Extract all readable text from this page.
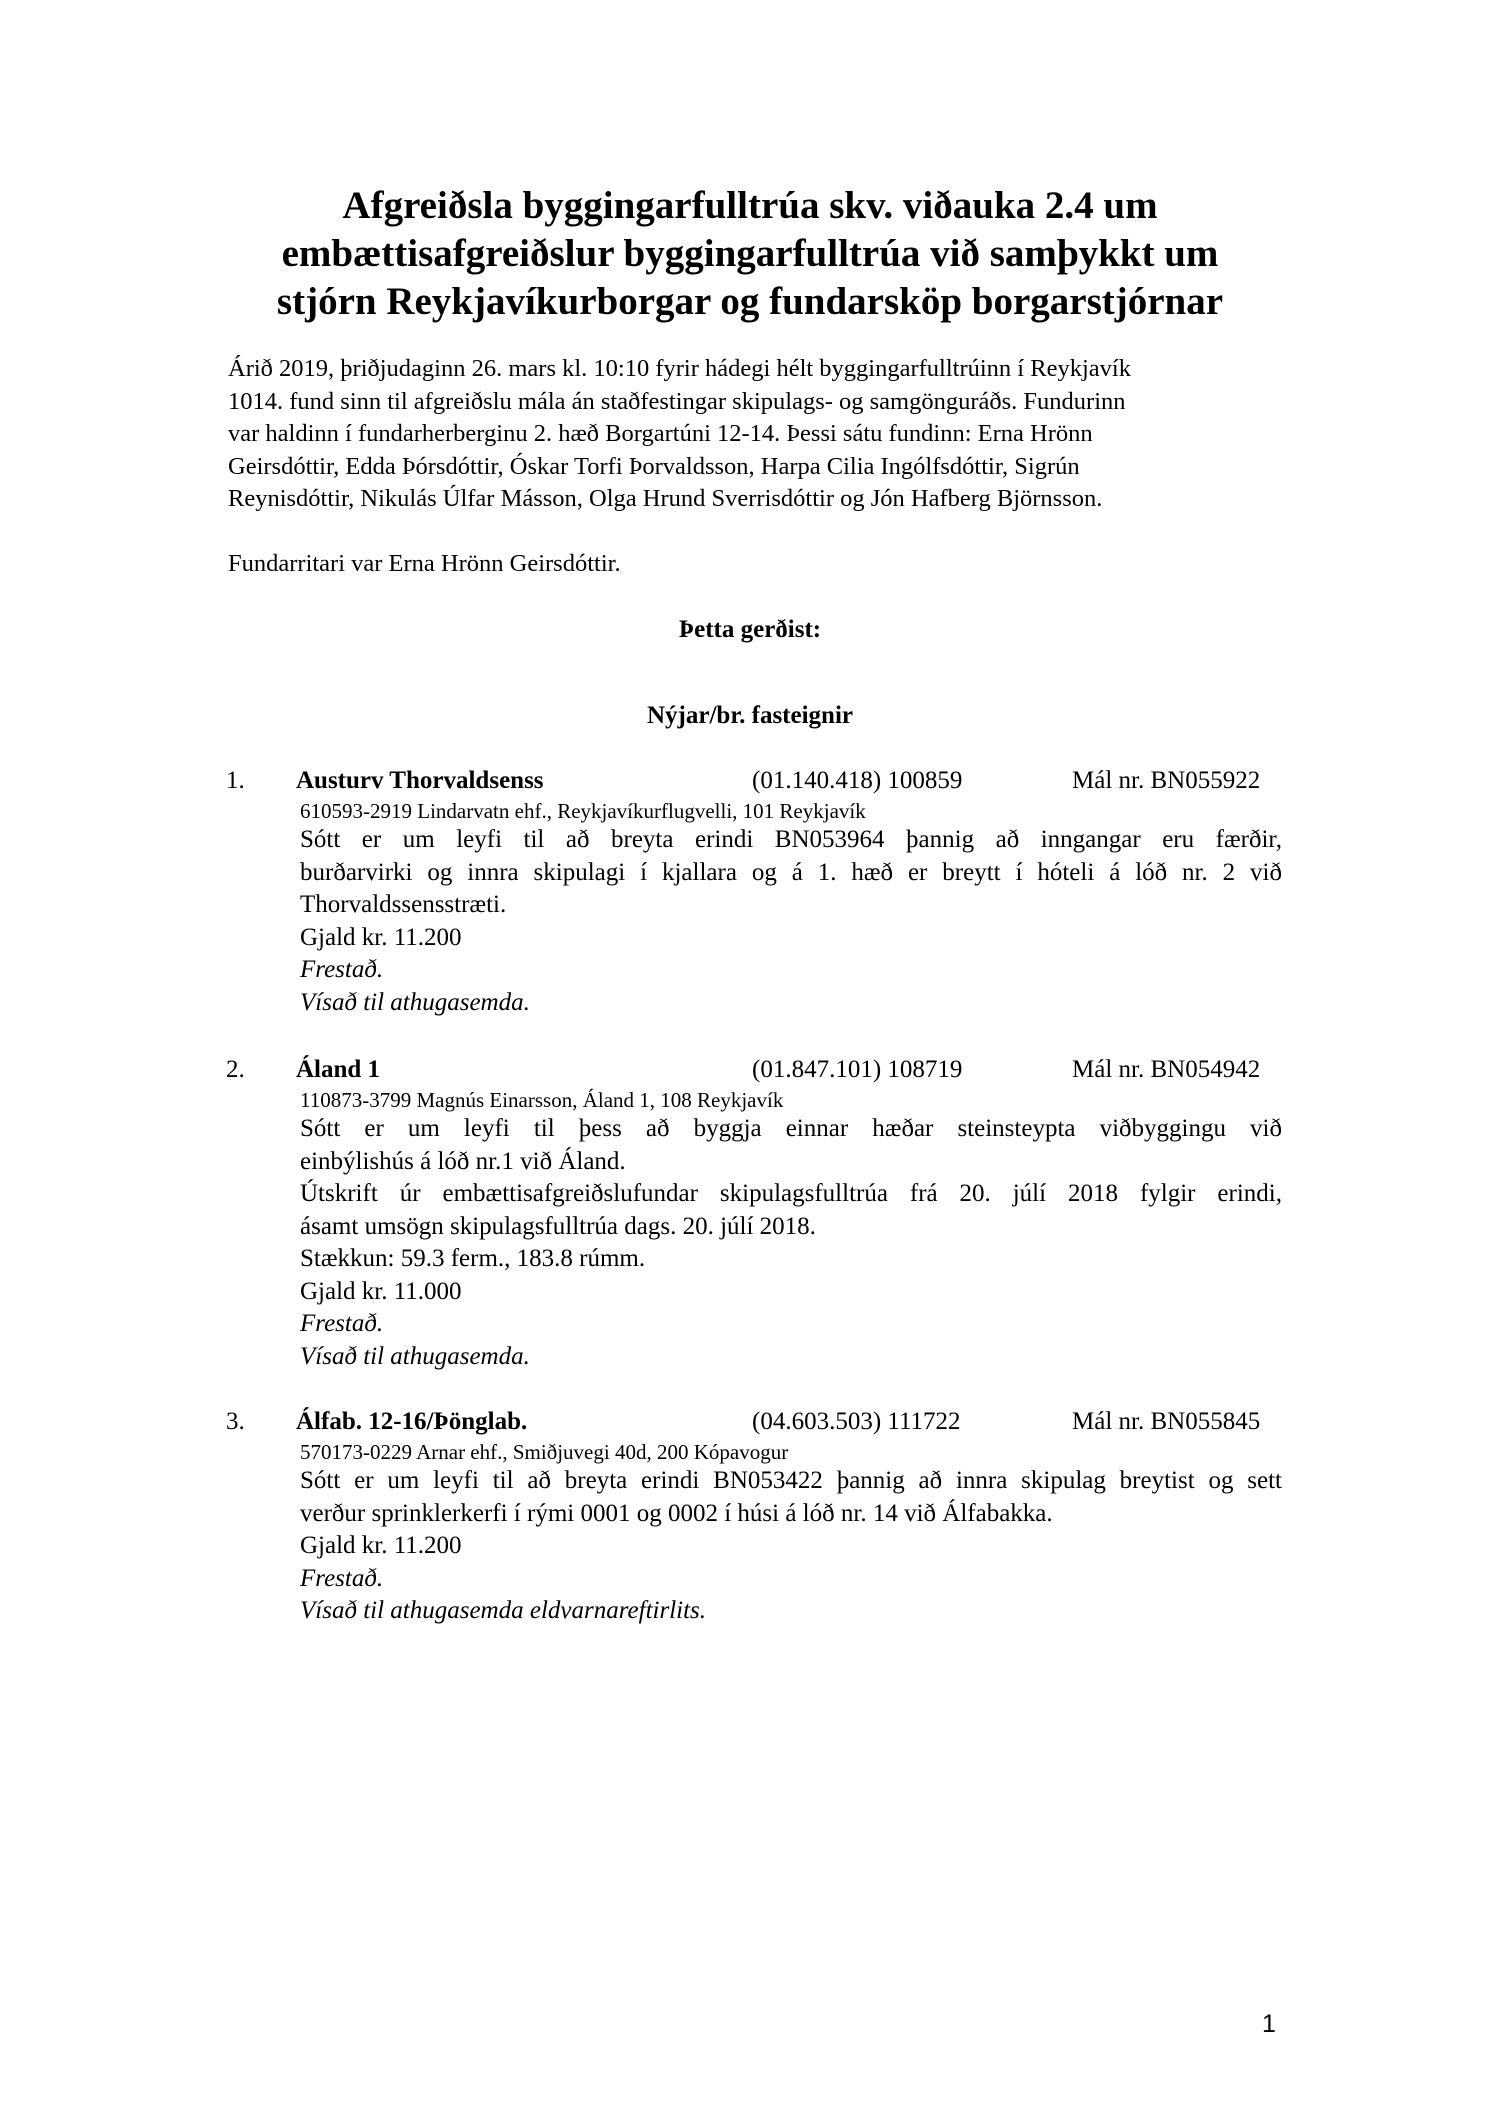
Afgreiðsla byggingarfulltrúa skv. viðauka 2.4 um
embættisafgreiðslur byggingarfulltrúa við samþykkt um
stjórn Reykjavíkurborgar og fundarsköp borgarstjórnar
Árið 2019, þriðjudaginn 26. mars kl. 10:10 fyrir hádegi hélt byggingarfulltrúinn í Reykjavík
1014. fund sinn til afgreiðslu mála án staðfestingar skipulags- og samgönguráðs. Fundurinn
var haldinn í fundarherberginu 2. hæð Borgartúni 12-14. Þessi sátu fundinn: Erna Hrönn
Geirsdóttir, Edda Þórsdóttir, Óskar Torfi Þorvaldsson, Harpa Cilia Ingólfsdóttir, Sigrún
Reynisdóttir, Nikulás Úlfar Másson, Olga Hrund Sverrisdóttir og Jón Hafberg Björnsson.
Fundarritari var Erna Hrönn Geirsdóttir.
Þetta gerðist:
Nýjar/br. fasteignir
1. Austurv Thorvaldsenss	(01.140.418) 100859	Mál nr. BN055922
610593-2919 Lindarvatn ehf., Reykjavíkurflugvelli, 101 Reykjavík
Sótt er um leyfi til að breyta erindi BN053964 þannig að inngangar eru færðir,
burðarvirki og innra skipulagi í kjallara og á 1. hæð er breytt í hóteli á lóð nr. 2 við
Thorvaldssensstræti.
Gjald kr. 11.200
Frestað.
Vísað til athugasemda.
2. Áland 1	(01.847.101) 108719	Mál nr. BN054942
110873-3799 Magnús Einarsson, Áland 1, 108 Reykjavík
Sótt er um leyfi til þess að byggja einnar hæðar steinsteypta viðbyggingu við
einbýlishús á lóð nr.1 við Áland.
Útskrift úr embættisafgreiðslufundar skipulagsfulltrúa frá 20. júlí 2018 fylgir erindi,
ásamt umsögn skipulagsfulltrúa dags. 20. júlí 2018.
Stækkun: 59.3 ferm., 183.8 rúmm.
Gjald kr. 11.000
Frestað.
Vísað til athugasemda.
3. Álfab. 12-16/Þönglab.	(04.603.503) 111722	Mál nr. BN055845
570173-0229 Arnar ehf., Smiðjuvegi 40d, 200 Kópavogur
Sótt er um leyfi til að breyta erindi BN053422 þannig að innra skipulag breytist og sett
verður sprinklerkerfi í rými 0001 og 0002 í húsi á lóð nr. 14 við Álfabakka.
Gjald kr. 11.200
Frestað.
Vísað til athugasemda eldvarnareftirlits.
1
